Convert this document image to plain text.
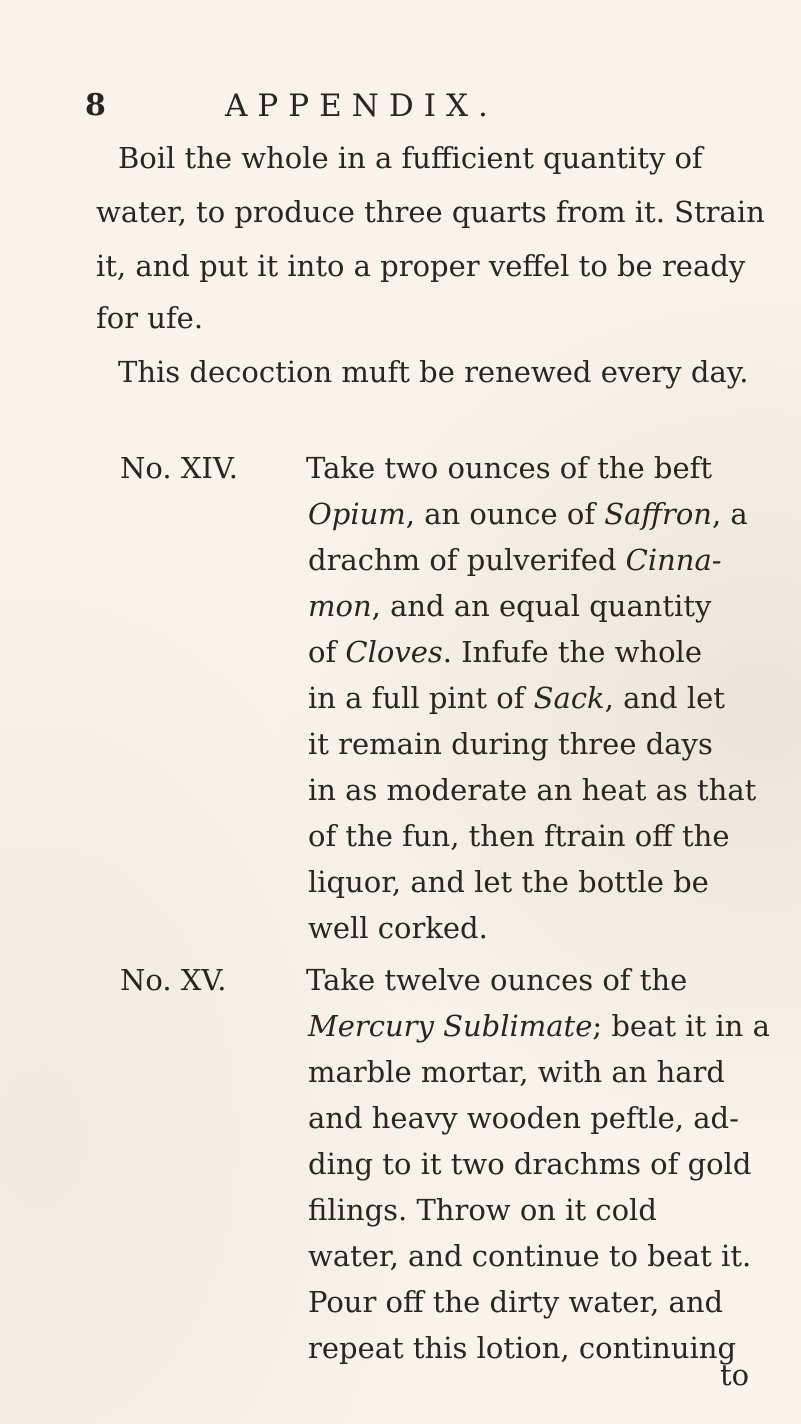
8	APPENDIX.
Boil the whole in a fufficient quantity of
water, to produce three quarts from it. Strain
it, and put it into a proper veffel to be ready
for ufe.
This decoction muft be renewed every day.
No. XIV. Take two ounces of the beft
Opium, an ounce of Saffron, a
drachm of pulverifed Cinna-
mon, and an equal quantity
of Cloves. Infufe the whole
in a full pint of Sack, and let
it remain during three days
in as moderate an heat as that
of the fun, then ftrain off the
liquor, and let the bottle be
well corked.
No. XV.	Take twelve ounces of the
Mercury Sublimate; beat it in a
marble mortar, with an hard
and heavy wooden peftle, ad-
ding to it two drachms of gold
filings. Throw on it cold
water, and continue to beat it.
Pour off the dirty water, and
repeat this lotion, continuing
to
